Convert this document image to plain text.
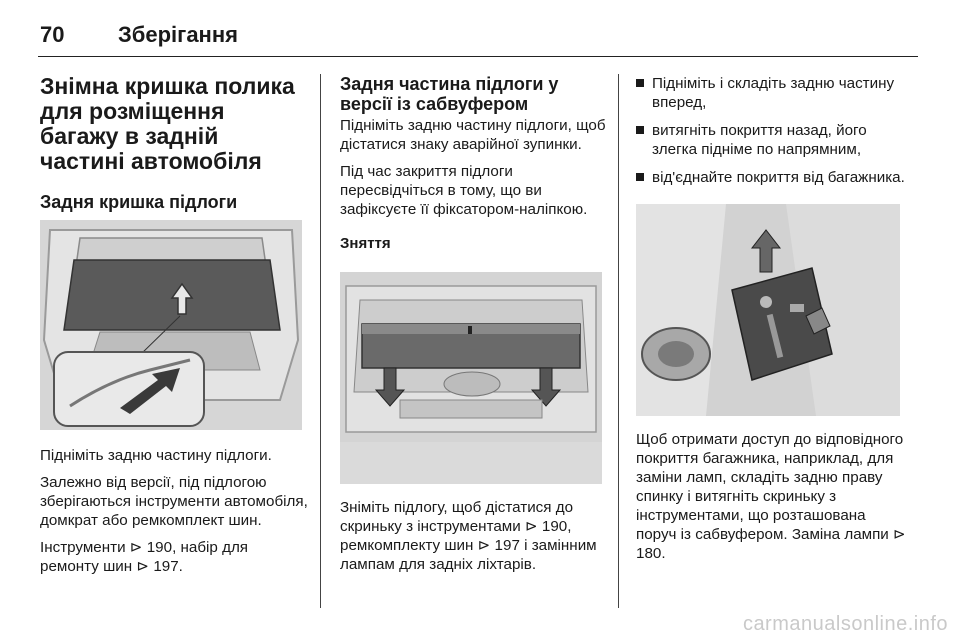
70 Зберігання
Знімна кришка полика для розміщення багажу в задній частині автомобіля
Задня кришка підлоги

Підніміть задню частину підлоги.

Залежно від версії, під підлогою зберігаються інструменти автомобіля, домкрат або ремкомплект шин.

Інструменти ⊳ 190, набір для ремонту шин ⊳ 197.

Задня частина підлоги у версії із сабвуфером

Підніміть задню частину підлоги, щоб дістатися знаку аварійної зупинки.

Під час закриття підлоги пересвідчіться в тому, що ви зафіксуєте її фіксатором-наліпкою.

Зняття

Зніміть підлогу, щоб дістатися до скриньку з інструментами ⊳ 190, ремкомплекту шин ⊳ 197 і замінним лампам для задніх ліхтарів.

Підніміть і складіть задню частину вперед,
витягніть покриття назад, його злегка підніме по напрямним,
від'єднайте покриття від багажника.

Щоб отримати доступ до відповідного покриття багажника, наприклад, для заміни ламп, складіть задню праву спинку і витягніть скриньку з інструментами, що розташована поруч із сабвуфером. Заміна лампи ⊳ 180.

carmanualsonline.info
